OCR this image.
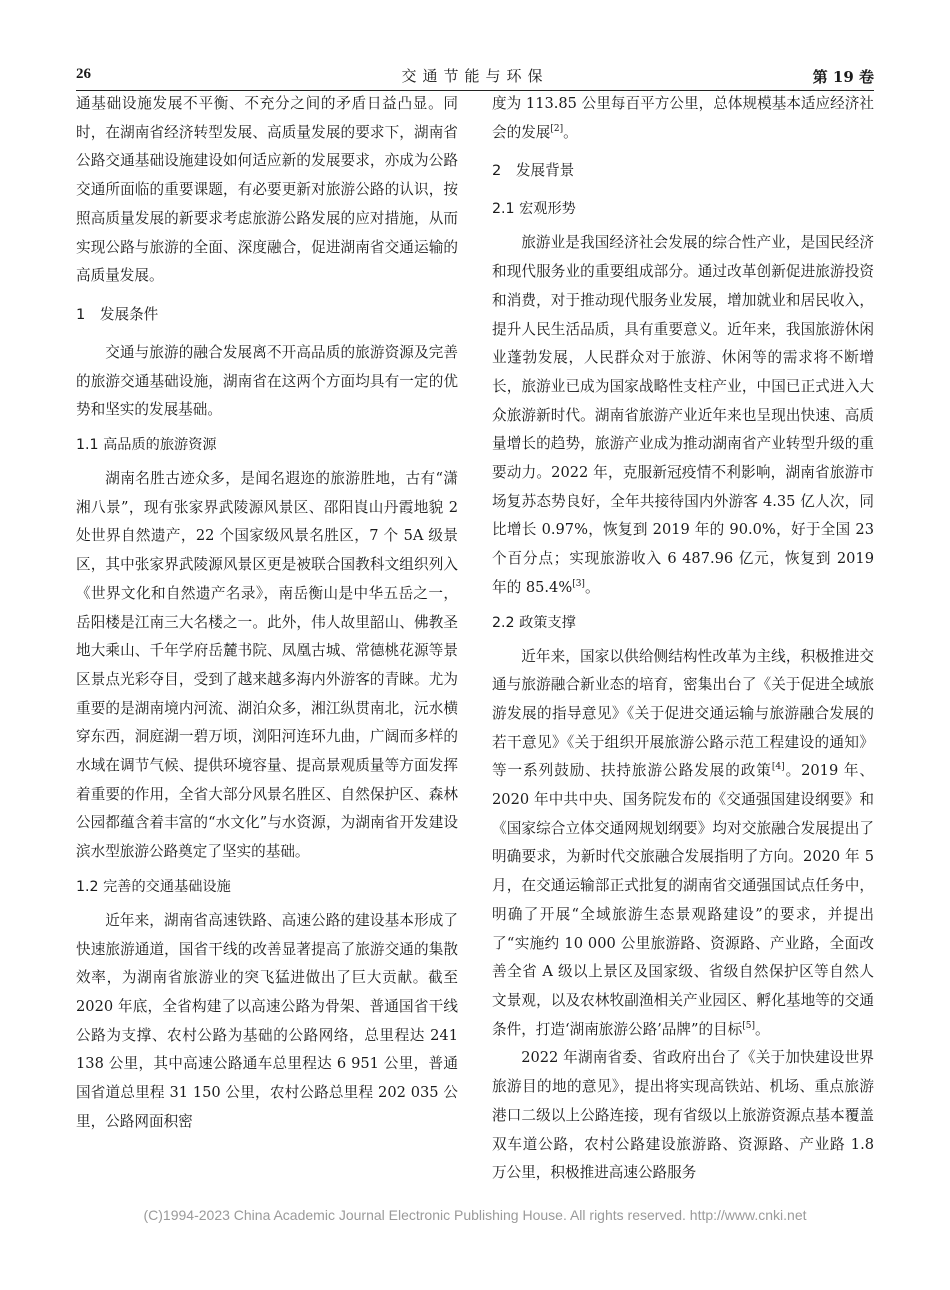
26	交通节能与环保	第 19 卷

通基础设施发展不平衡、不充分之间的矛盾日益凸显。同时，在湖南省经济转型发展、高质量发展的要求下，湖南省公路交通基础设施建设如何适应新的发展要求，亦成为公路交通所面临的重要课题，有必要更新对旅游公路的认识，按照高质量发展的新要求考虑旅游公路发展的应对措施，从而实现公路与旅游的全面、深度融合，促进湖南省交通运输的高质量发展。

1　发展条件

交通与旅游的融合发展离不开高品质的旅游资源及完善的旅游交通基础设施，湖南省在这两个方面均具有一定的优势和坚实的发展基础。

1.1 高品质的旅游资源

湖南名胜古迹众多，是闻名遐迩的旅游胜地，古有“潇湘八景”，现有张家界武陵源风景区、邵阳崀山丹霞地貌 2 处世界自然遗产，22 个国家级风景名胜区，7 个 5A 级景区，其中张家界武陵源风景区更是被联合国教科文组织列入《世界文化和自然遗产名录》，南岳衡山是中华五岳之一，岳阳楼是江南三大名楼之一。此外，伟人故里韶山、佛教圣地大乘山、千年学府岳麓书院、凤凰古城、常德桃花源等景区景点光彩夺目，受到了越来越多海内外游客的青睐。尤为重要的是湖南境内河流、湖泊众多，湘江纵贯南北，沅水横穿东西，洞庭湖一碧万顷，浏阳河连环九曲，广阔而多样的水域在调节气候、提供环境容量、提高景观质量等方面发挥着重要的作用，全省大部分风景名胜区、自然保护区、森林公园都蕴含着丰富的“水文化”与水资源，为湖南省开发建设滨水型旅游公路奠定了坚实的基础。

1.2 完善的交通基础设施

近年来，湖南省高速铁路、高速公路的建设基本形成了快速旅游通道，国省干线的改善显著提高了旅游交通的集散效率，为湖南省旅游业的突飞猛进做出了巨大贡献。截至 2020 年底，全省构建了以高速公路为骨架、普通国省干线公路为支撑、农村公路为基础的公路网络，总里程达 241 138 公里，其中高速公路通车总里程达 6 951 公里，普通国省道总里程 31 150 公里，农村公路总里程 202 035 公里，公路网面积密

度为 113.85 公里每百平方公里，总体规模基本适应经济社会的发展[2]。

2　发展背景
2.1 宏观形势

旅游业是我国经济社会发展的综合性产业，是国民经济和现代服务业的重要组成部分。通过改革创新促进旅游投资和消费，对于推动现代服务业发展，增加就业和居民收入，提升人民生活品质，具有重要意义。近年来，我国旅游休闲业蓬勃发展，人民群众对于旅游、休闲等的需求将不断增长，旅游业已成为国家战略性支柱产业，中国已正式进入大众旅游新时代。湖南省旅游产业近年来也呈现出快速、高质量增长的趋势，旅游产业成为推动湖南省产业转型升级的重要动力。2022 年，克服新冠疫情不利影响，湖南省旅游市场复苏态势良好，全年共接待国内外游客 4.35 亿人次，同比增长 0.97%，恢复到 2019 年的 90.0%，好于全国 23 个百分点；实现旅游收入 6 487.96 亿元，恢复到 2019 年的 85.4%[3]。

2.2 政策支撑

近年来，国家以供给侧结构性改革为主线，积极推进交通与旅游融合新业态的培育，密集出台了《关于促进全域旅游发展的指导意见》《关于促进交通运输与旅游融合发展的若干意见》《关于组织开展旅游公路示范工程建设的通知》等一系列鼓励、扶持旅游公路发展的政策[4]。2019 年、2020 年中共中央、国务院发布的《交通强国建设纲要》和《国家综合立体交通网规划纲要》均对交旅融合发展提出了明确要求，为新时代交旅融合发展指明了方向。2020 年 5 月，在交通运输部正式批复的湖南省交通强国试点任务中，明确了开展“全域旅游生态景观路建设”的要求，并提出了“实施约 10 000 公里旅游路、资源路、产业路，全面改善全省 A 级以上景区及国家级、省级自然保护区等自然人文景观，以及农林牧副渔相关产业园区、孵化基地等的交通条件，打造‘湖南旅游公路’品牌”的目标[5]。

2022 年湖南省委、省政府出台了《关于加快建设世界旅游目的地的意见》，提出将实现高铁站、机场、重点旅游港口二级以上公路连接，现有省级以上旅游资源点基本覆盖双车道公路，农村公路建设旅游路、资源路、产业路 1.8 万公里，积极推进高速公路服务

(C)1994-2023 China Academic Journal Electronic Publishing House. All rights reserved. http://www.cnki.net
